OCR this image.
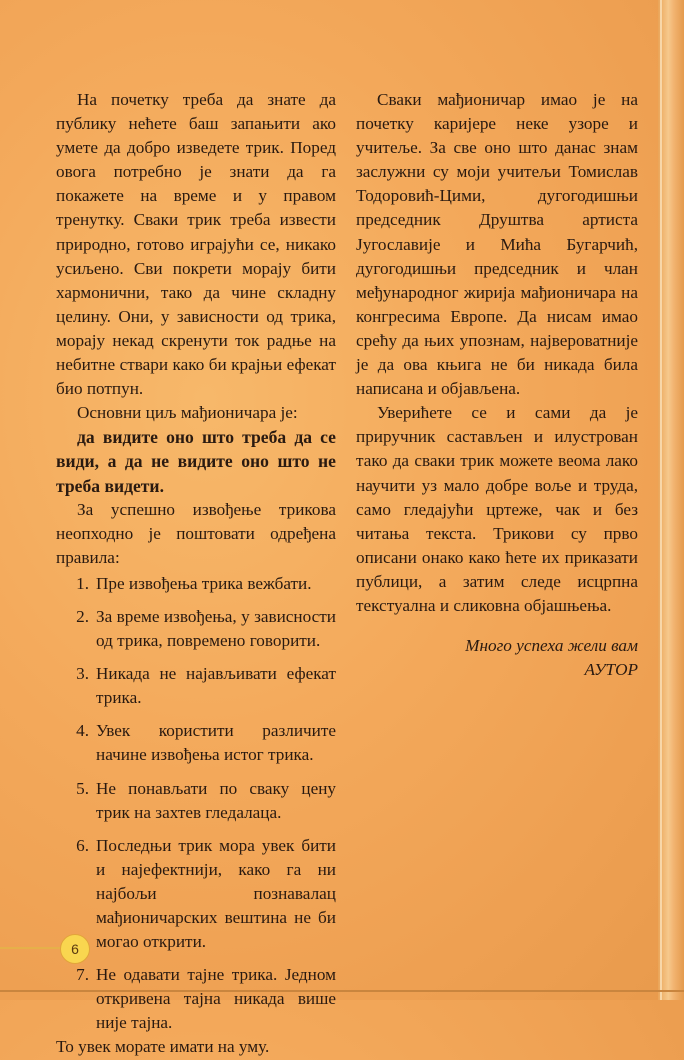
На почетку треба да знате да публику нећете баш запањити ако умете да добро изведете трик. Поред овога потребно је знати да га покажете на време и у правом тренутку. Сваки трик треба извести природно, готово играјући се, никако усиљено. Сви покрети морају бити хармонични, тако да чине складну целину. Они, у зависности од трика, морају некад скренути ток радње на небитне ствари како би крајњи ефекат био потпун.

Основни циљ мађионичара је:

да видите оно што треба да се види, а да не видите оно што не треба видети.

За успешно извођење трикова неопходно је поштовати одређена правила:

1. Пре извођења трика вежбати.
2. За време извођења, у зависности од трика, повремено говорити.
3. Никада не најављивати ефекат трика.
4. Увек користити различите начине извођења истог трика.
5. Не понављати по сваку цену трик на захтев гледалаца.
6. Последњи трик мора увек бити и најефектнији, како га ни најбољи познавалац мађионичарских вештина не би могао открити.
7. Не одавати тајне трика. Једном откривена тајна никада више није тајна.

То увек морате имати на уму.

Сваки мађионичар имао је на почетку каријере неке узоре и учитеље. За све оно што данас знам заслужни су моји учитељи Томислав Тодоровић-Цими, дугогодишњи председник Друштва артиста Југославије и Мића Бугарчић, дугогодишњи председник и члан међународног жирија мађионичара на конгресима Европе. Да нисам имао срећу да њих упознам, највероватније је да ова књига не би никада била написана и објављена.

Уверићете се и сами да је приручник састављен и илустрован тако да сваки трик можете веома лако научити уз мало добре воље и труда, само гледајући цртеже, чак и без читања текста. Трикови су прво описани онако како ћете их приказати публици, а затим следе исцрпна текстуална и сликовна објашњења.

Много успеха жели вам
АУТОР
6
